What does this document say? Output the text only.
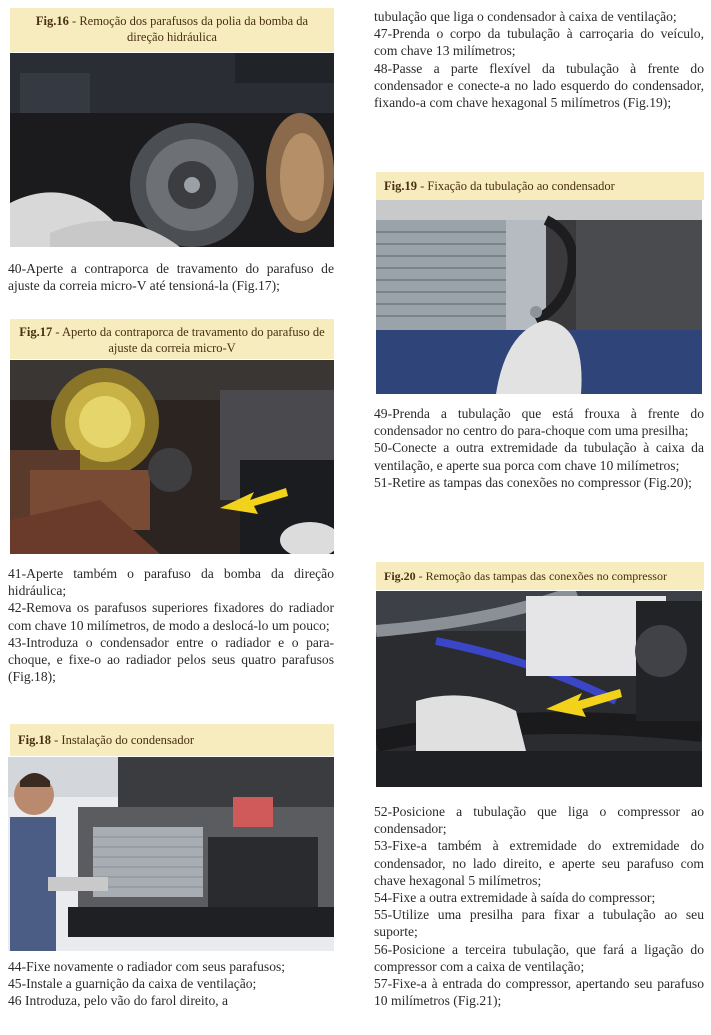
Fig.16 - Remoção dos parafusos da polia da bomba da direção hidráulica

40-Aperte a contraporca de travamento do parafuso de ajuste da correia micro-V até tensioná-la (Fig.17);

Fig.17 - Aperto da contraporca de travamento do parafuso de ajuste da correia micro-V

41-Aperte também o parafuso da bomba da direção hidráulica;

42-Remova os parafusos superiores fixadores do radiador com chave 10 milímetros, de modo a deslocá-lo um pouco;

43-Introduza o condensador entre o radiador e o para-choque, e fixe-o ao radiador pelos seus quatro parafusos (Fig.18);

Fig.18 - Instalação do condensador

44-Fixe novamente o radiador com seus parafusos;

45-Instale a guarnição da caixa de ventilação;

46 Introduza, pelo vão do farol direito, a

tubulação que liga o condensador à caixa de ventilação;

47-Prenda o corpo da tubulação à carroçaria do veículo, com chave 13 milímetros;

48-Passe a parte flexível da tubulação à frente do condensador e conecte-a no lado esquerdo do condensador, fixando-a com chave hexagonal 5 milímetros (Fig.19);

Fig.19 - Fixação da tubulação ao condensador

49-Prenda a tubulação que está frouxa à frente do condensador no centro do para-choque com uma presilha;

50-Conecte a outra extremidade da tubulação à caixa da ventilação, e aperte sua porca com chave 10 milímetros;

51-Retire as tampas das conexões no compressor (Fig.20);

Fig.20 - Remoção das tampas das conexões no compressor

52-Posicione a tubulação que liga o compressor ao condensador;

53-Fixe-a também à extremidade do extremidade do condensador, no lado direito, e aperte seu parafuso com chave hexagonal 5 milímetros;

54-Fixe a outra extremidade à saída do compressor;

55-Utilize uma presilha para fixar a tubulação ao seu suporte;

56-Posicione a terceira tubulação, que fará a ligação do compressor com a caixa de ventilação;

57-Fixe-a à entrada do compressor, apertando seu parafuso 10 milímetros (Fig.21);
